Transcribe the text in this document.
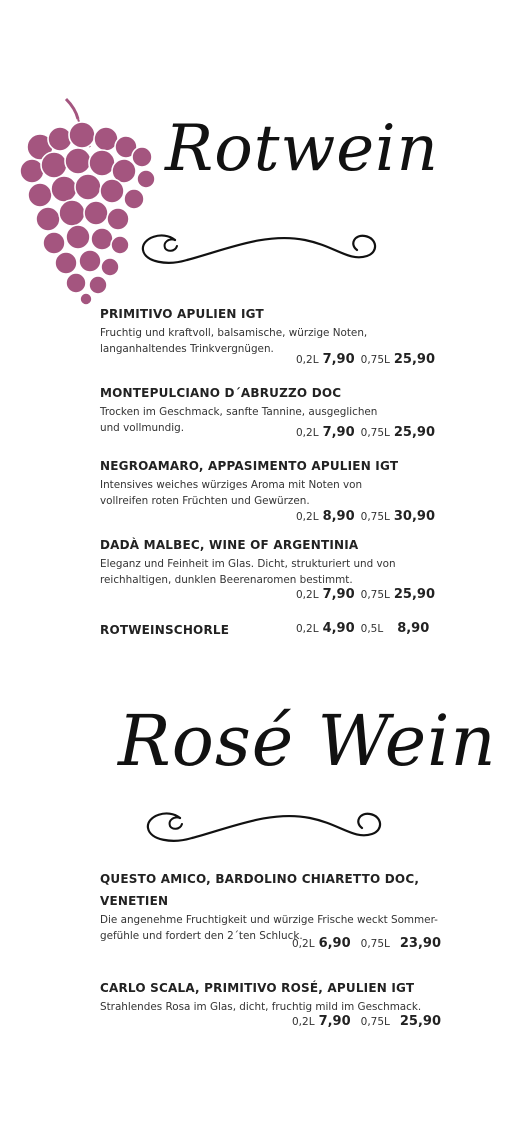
Rotwein
PRIMITIVO APULIEN IGT
Fruchtig und kraftvoll, balsamische, würzige Noten,
langanhaltendes Trinkvergnügen.
0,2L 7,90 0,75L 25,90
MONTEPULCIANO D´ABRUZZO DOC
Trocken im Geschmack, sanfte Tannine, ausgeglichen
und vollmundig.	0,2L 7,90 0,75L 25,90
NEGROAMARO, APPASIMENTO APULIEN IGT
Intensives weiches würziges Aroma mit Noten von
vollreifen roten Früchten und Gewürzen.
0,2L 8,90 0,75L 30,90
DADÀ MALBEC, WINE OF ARGENTINIA
Eleganz und Feinheit im Glas. Dicht, strukturiert und von
reichhaltigen, dunklen Beerenaromen bestimmt.
0,2L 7,90 0,75L 25,90
ROTWEINSCHORLE	0,2L 4,90 0,5L 8,90
Rosé Wein
QUESTO AMICO, BARDOLINO CHIARETTO DOC,
VENETIEN
Die angenehme Fruchtigkeit und würzige Frische weckt Sommer-
gefühle und fordert den 2´ten Schluck.
0,2L 6,90 0,75L 23,90
CARLO SCALA, PRIMITIVO ROSÉ, APULIEN IGT
Strahlendes Rosa im Glas, dicht, fruchtig mild im Geschmack.
0,2L 7,90 0,75L 25,90
